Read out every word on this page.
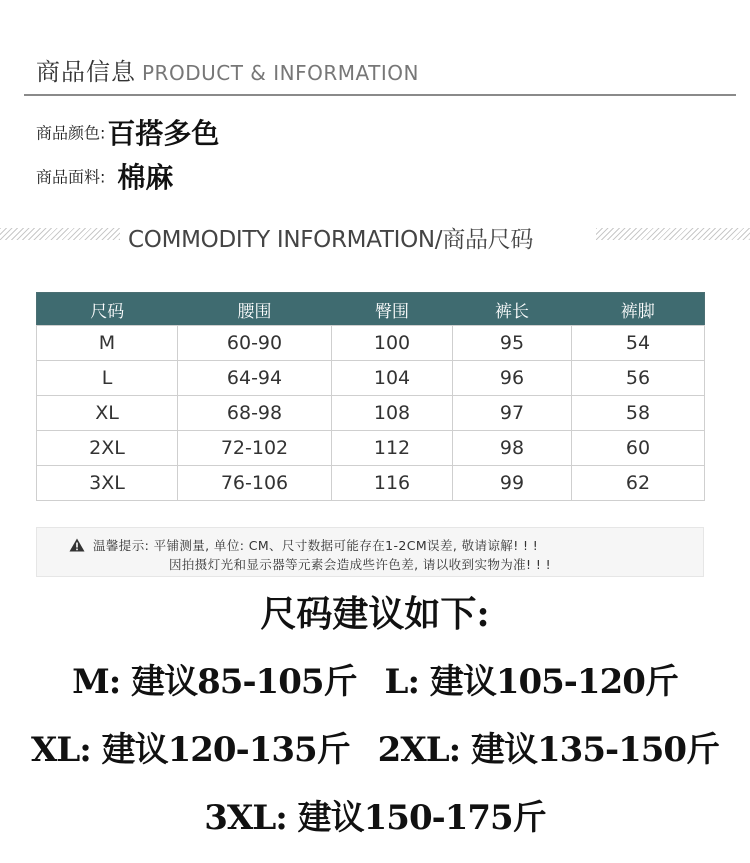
商品信息 PRODUCT & INFORMATION
商品颜色:百搭多色
商品面料: 棉麻
COMMODITY INFORMATION/商品尺码
尺码	腰围	臀围	裤长	裤脚
M	60-90	100	95	54
L	64-94	104	96	56
XL	68-98	108	97	58
2XL	72-102	112	98	60
3XL	76-106	116	99	62
温馨提示: 平铺测量, 单位: CM、尺寸数据可能存在1-2CM误差, 敬请谅解! ! !
因拍摄灯光和显示器等元素会造成些许色差, 请以收到实物为准! ! !
尺码建议如下:
M: 建议85-105斤 L: 建议105-120斤
XL: 建议120-135斤 2XL: 建议135-150斤
3XL: 建议150-175斤
